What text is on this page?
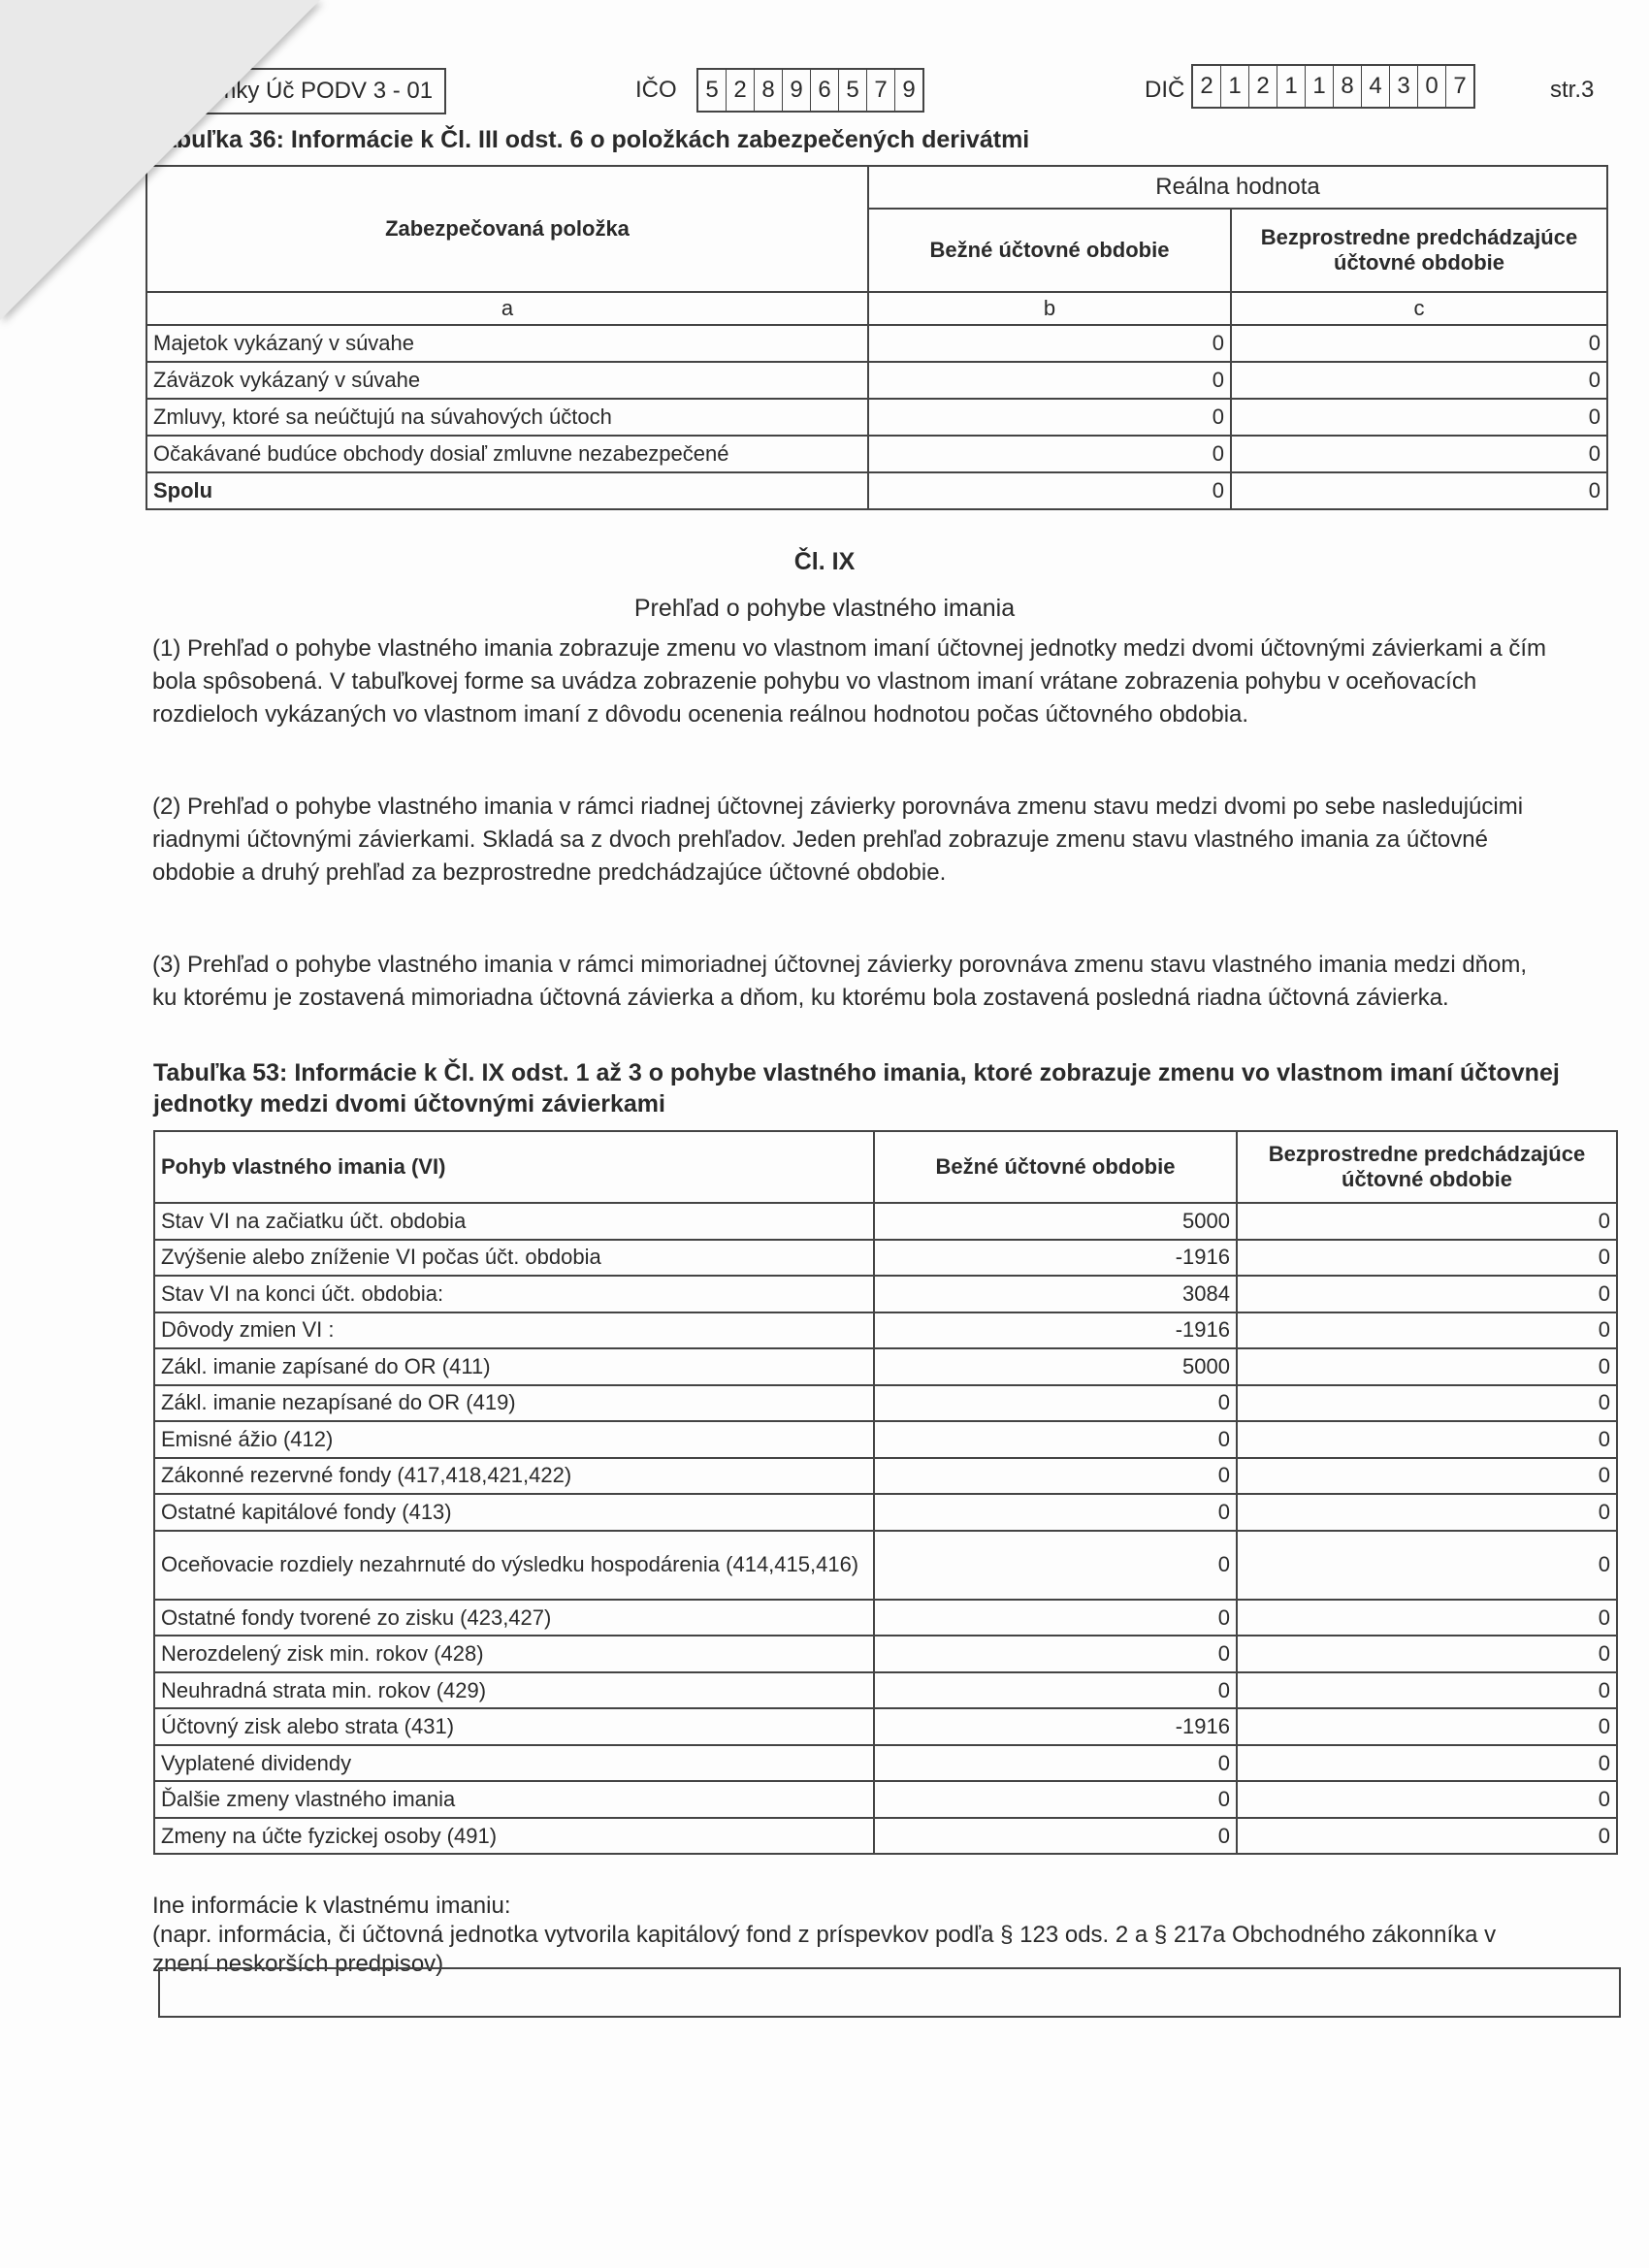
ámky Úč PODV 3 - 01	IČO	5 2 8 9 6 5 7 9	DIČ 2 1 2 1 1 8 4 3 0 7	str.3
abuľka 36: Informácie k Čl. III odst. 6 o položkách zabezpečených derivátmi
Zabezpečovaná položka	Reálna hodnota	
	Bežné účtovné obdobie	Bezprostredne predchádzajúce účtovné obdobie
a	b	c
Majetok vykázaný v súvahe	0	0
Záväzok vykázaný v súvahe	0	0
Zmluvy, ktoré sa neúčtujú na súvahových účtoch	0	0
Očakávané budúce obchody dosiaľ zmluvne nezabezpečené	0	0
Spolu	0	0
Čl. IX
Prehľad o pohybe vlastného imania
(1) Prehľad o pohybe vlastného imania zobrazuje zmenu vo vlastnom imaní účtovnej jednotky medzi dvomi účtovnými závierkami a čím bola spôsobená. V tabuľkovej forme sa uvádza zobrazenie pohybu vo vlastnom imaní vrátane zobrazenia pohybu v oceňovacích rozdieloch vykázaných vo vlastnom imaní z dôvodu ocenenia reálnou hodnotou počas účtovného obdobia.
(2) Prehľad o pohybe vlastného imania v rámci riadnej účtovnej závierky porovnáva zmenu stavu medzi dvomi po sebe nasledujúcimi riadnymi účtovnými závierkami. Skladá sa z dvoch prehľadov. Jeden prehľad zobrazuje zmenu stavu vlastného imania za účtovné obdobie a druhý prehľad za bezprostredne predchádzajúce účtovné obdobie.
(3) Prehľad o pohybe vlastného imania v rámci mimoriadnej účtovnej závierky porovnáva zmenu stavu vlastného imania medzi dňom, ku ktorému je zostavená mimoriadna účtovná závierka a dňom, ku ktorému bola zostavená posledná riadna účtovná závierka.
Tabuľka 53: Informácie k Čl. IX odst. 1 až 3 o pohybe vlastného imania, ktoré zobrazuje zmenu vo vlastnom imaní účtovnej jednotky medzi dvomi účtovnými závierkami
Pohyb vlastného imania (VI)	Bežné účtovné obdobie	Bezprostredne predchádzajúce účtovné obdobie
Stav VI na začiatku účt. obdobia	5000	0
Zvýšenie alebo zníženie VI počas účt. obdobia	-1916	0
Stav VI na konci účt. obdobia:	3084	0
Dôvody zmien VI :	-1916	0
Zákl. imanie zapísané do OR (411)	5000	0
Zákl. imanie nezapísané do OR (419)	0	0
Emisné ážio (412)	0	0
Zákonné rezervné fondy (417,418,421,422)	0	0
Ostatné kapitálové fondy (413)	0	0
Oceňovacie rozdiely nezahrnuté do výsledku hospodárenia (414,415,416)	0	0
Ostatné fondy tvorené zo zisku (423,427)	0	0
Nerozdelený zisk min. rokov (428)	0	0
Neuhradná strata min. rokov (429)	0	0
Účtovný zisk alebo strata (431)	-1916	0
Vyplatené dividendy	0	0
Ďalšie zmeny vlastného imania	0	0
Zmeny na účte fyzickej osoby (491)	0	0
Ine informácie k vlastnému imaniu:
(napr. informácia, či účtovná jednotka vytvorila kapitálový fond z príspevkov podľa § 123 ods. 2 a § 217a Obchodného zákonníka v znení neskorších predpisov)
